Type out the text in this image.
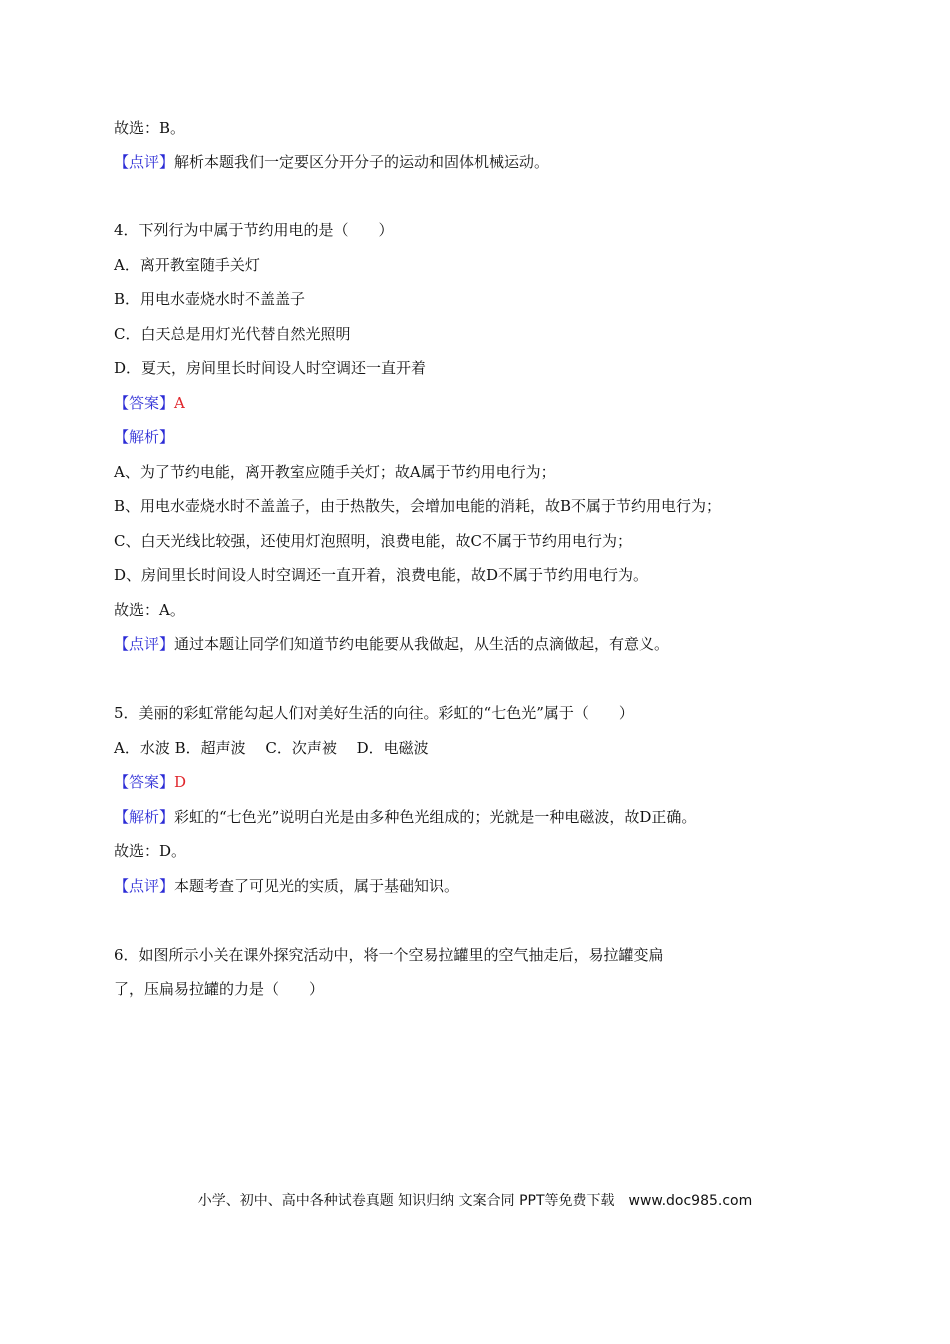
故选：B。
【点评】解析本题我们一定要区分开分子的运动和固体机械运动。
4．下列行为中属于节约用电的是（　　）
A．离开教室随手关灯
B．用电水壶烧水时不盖盖子
C．白天总是用灯光代替自然光照明
D．夏天，房间里长时间设人时空调还一直开着
【答案】A
【解析】
A、为了节约电能，离开教室应随手关灯；故A属于节约用电行为；
B、用电水壶烧水时不盖盖子，由于热散失，会增加电能的消耗，故B不属于节约用电行为；
C、白天光线比较强，还使用灯泡照明，浪费电能，故C不属于节约用电行为；
D、房间里长时间设人时空调还一直开着，浪费电能，故D不属于节约用电行为。
故选：A。
【点评】通过本题让同学们知道节约电能要从我做起，从生活的点滴做起，有意义。
5．美丽的彩虹常能勾起人们对美好生活的向往。彩虹的“七色光”属于（　　）
A．水波 B．超声波　 C．次声被　 D．电磁波
【答案】D
【解析】彩虹的“七色光”说明白光是由多种色光组成的；光就是一种电磁波，故D正确。
故选：D。
【点评】本题考查了可见光的实质，属于基础知识。
6．如图所示小关在课外探究活动中，将一个空易拉罐里的空气抽走后，易拉罐变扁
了，压扁易拉罐的力是（　　）
小学、初中、高中各种试卷真题 知识归纳 文案合同 PPT等免费下载　www.doc985.com
